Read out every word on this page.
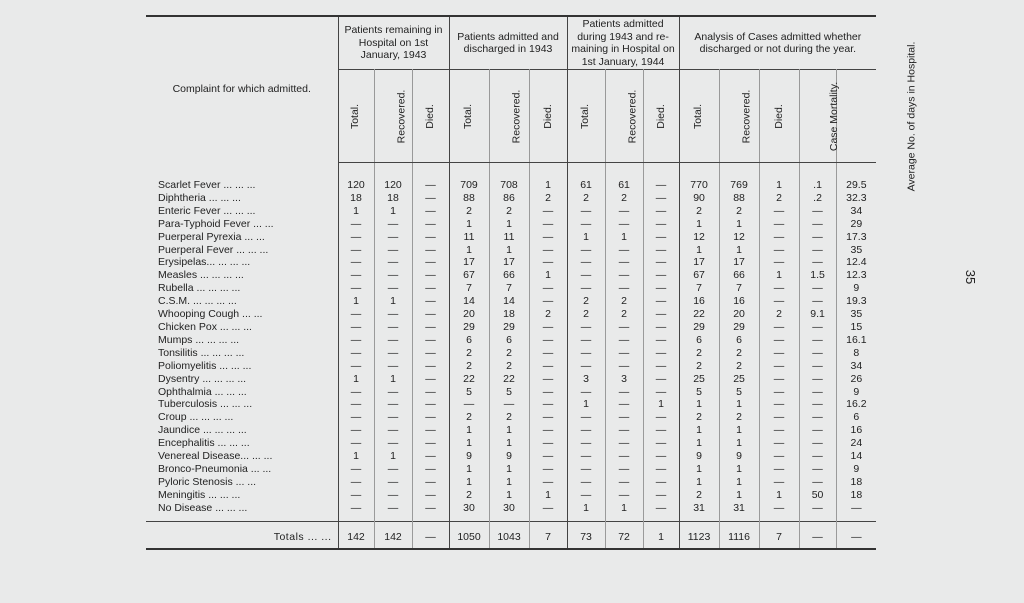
35
Complaint for which admitted.	Patients remaining in Hospital on 1st January, 1943			Patients admitted and discharged in 1943			Patients admitted during 1943 and re-maining in Hospital on 1st January, 1944			Analysis of Cases admitted whether discharged or not during the year.				
	Total.	Recovered.	Died.	Total.	Recovered.	Died.	Total.	Recovered.	Died.	Total.	Recovered.	Died.	Case Mortality.	Average No. of days in Hospital.
Scarlet Fever ... ... ...	120	120	—	709	708	1	61	61	—	770	769	1	.1	29.5
Diphtheria ... ... ...	18	18	—	88	86	2	2	2	—	90	88	2	.2	32.3
Enteric Fever ... ... ...	1	1	—	2	2	—	—	—	—	2	2	—	—	34
Para-Typhoid Fever ... ...	—	—	—	1	1	—	—	—	—	1	1	—	—	29
Puerperal Pyrexia ... ...	—	—	—	11	11	—	1	1	—	12	12	—	—	17.3
Puerperal Fever ... ... ...	—	—	—	1	1	—	—	—	—	1	1	—	—	35
Erysipelas... ... ... ...	—	—	—	17	17	—	—	—	—	17	17	—	—	12.4
Measles ... ... ... ...	—	—	—	67	66	1	—	—	—	67	66	1	1.5	12.3
Rubella ... ... ... ...	—	—	—	7	7	—	—	—	—	7	7	—	—	9
C.S.M. ... ... ... ...	1	1	—	14	14	—	2	2	—	16	16	—	—	19.3
Whooping Cough ... ...	—	—	—	20	18	2	2	2	—	22	20	2	9.1	35
Chicken Pox ... ... ...	—	—	—	29	29	—	—	—	—	29	29	—	—	15
Mumps ... ... ... ...	—	—	—	6	6	—	—	—	—	6	6	—	—	16.1
Tonsilitis ... ... ... ...	—	—	—	2	2	—	—	—	—	2	2	—	—	8
Poliomyelitis ... ... ...	—	—	—	2	2	—	—	—	—	2	2	—	—	34
Dysentry ... ... ... ...	1	1	—	22	22	—	3	3	—	25	25	—	—	26
Ophthalmia ... ... ...	—	—	—	5	5	—	—	—	—	5	5	—	—	9
Tuberculosis ... ... ...	—	—	—	—	—	—	1	—	1	1	1	—	—	16.2
Croup ... ... ... ...	—	—	—	2	2	—	—	—	—	2	2	—	—	6
Jaundice ... ... ... ...	—	—	—	1	1	—	—	—	—	1	1	—	—	16
Encephalitis ... ... ...	—	—	—	1	1	—	—	—	—	1	1	—	—	24
Venereal Disease... ... ...	1	1	—	9	9	—	—	—	—	9	9	—	—	14
Bronco-Pneumonia ... ...	—	—	—	1	1	—	—	—	—	1	1	—	—	9
Pyloric Stenosis ... ...	—	—	—	1	1	—	—	—	—	1	1	—	—	18
Meningitis ... ... ...	—	—	—	2	1	1	—	—	—	2	1	1	50	18
No Disease ... ... ...	—	—	—	30	30	—	1	1	—	31	31	—	—	—

Totals ... ...	142	142	—	1050	1043	7	73	72	1	1123	1116	7	—	—
